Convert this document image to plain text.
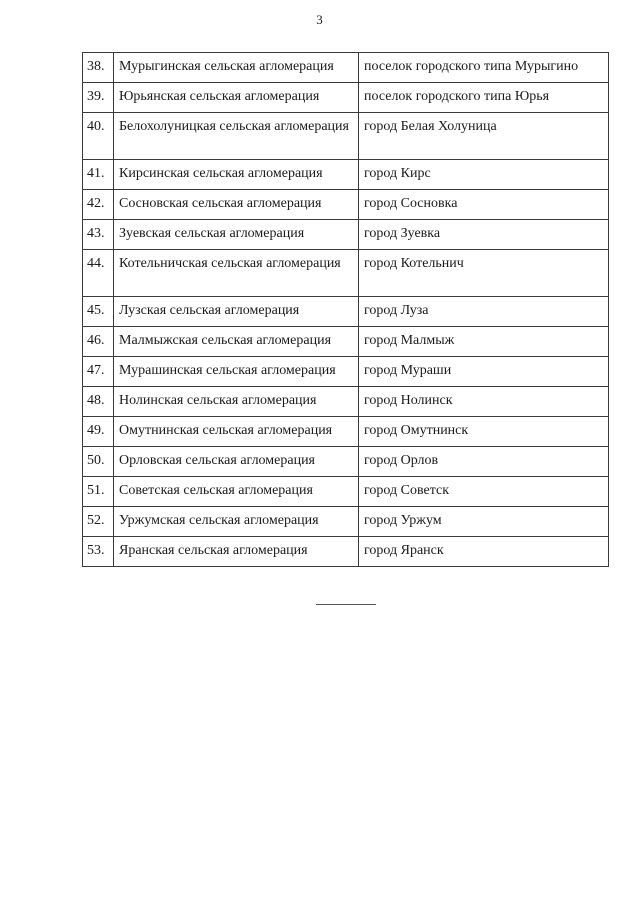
3
38.	Мурыгинская сельская агломерация	поселок городского типа Мурыгино
39.	Юрьянская сельская агломерация	поселок городского типа Юрья
40.	Белохолуницкая сельская агломерация	город Белая Холуница
41.	Кирсинская сельская агломерация	город Кирс
42.	Сосновская сельская агломерация	город Сосновка
43.	Зуевская сельская агломерация	город Зуевка
44.	Котельничская сельская агломерация	город Котельнич
45.	Лузская сельская агломерация	город Луза
46.	Малмыжская сельская агломерация	город Малмыж
47.	Мурашинская сельская агломерация	город Мураши
48.	Нолинская сельская агломерация	город Нолинск
49.	Омутнинская сельская агломерация	город Омутнинск
50.	Орловская сельская агломерация	город Орлов
51.	Советская сельская агломерация	город Советск
52.	Уржумская сельская агломерация	город Уржум
53.	Яранская сельская агломерация	город Яранск
